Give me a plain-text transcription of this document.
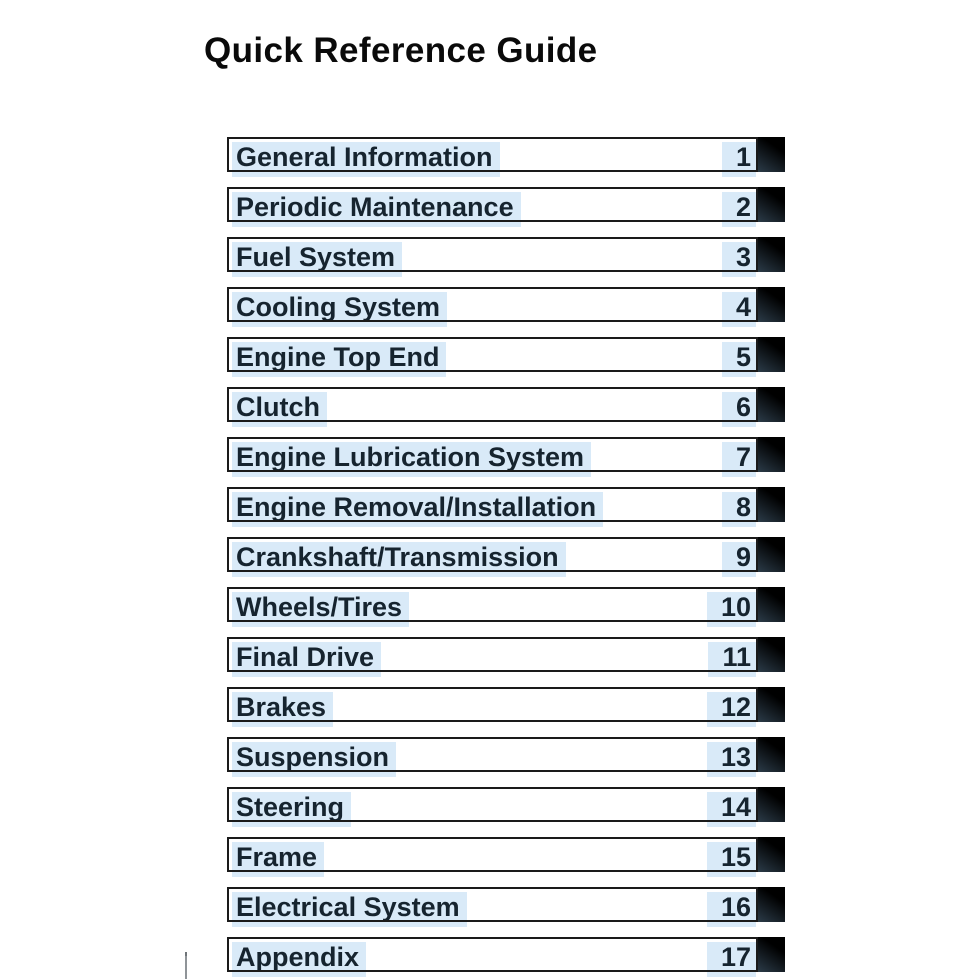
Quick Reference Guide
General Information	1
Periodic Maintenance	2
Fuel System	3
Cooling System	4
Engine Top End	5
Clutch	6
Engine Lubrication System	7
Engine Removal/Installation	8
Crankshaft/Transmission	9
Wheels/Tires	10
Final Drive	11
Brakes	12
Suspension	13
Steering	14
Frame	15
Electrical System	16
Appendix	17
